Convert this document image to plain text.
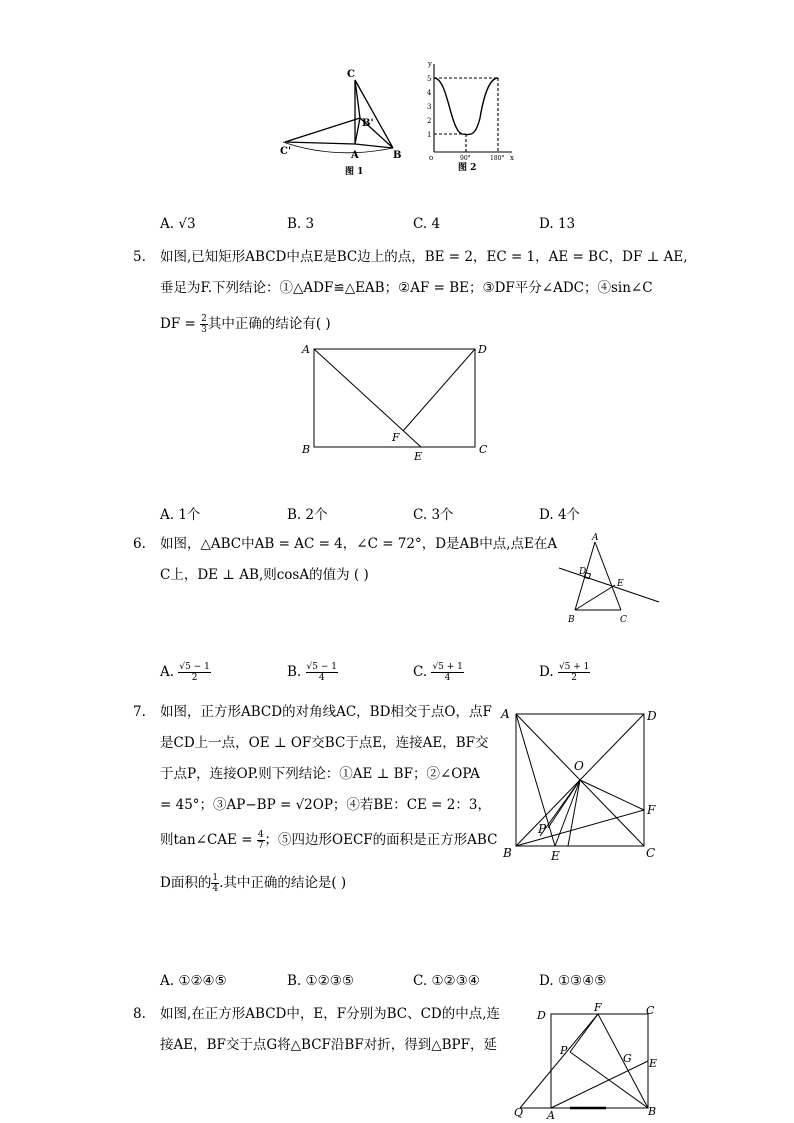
C
C'
B'
A	B
图 1
y
5
4
3
2
1
o	90°	180° x
图 2
A. √3	B. 3	C. 4	D. 13
5. 如图,已知矩形ABCD中点E是BC边上的点，BE = 2，EC = 1，AE = BC，DF ⊥ AE,
垂足为F.下列结论：①△ADF≌△EAB；②AF = BE；③DF平分∠ADC；④sin∠C
DF = $\frac{2}{3}$ 其中正确的结论有( )
A	D
B	C
F
E
A. 1个	B. 2个	C. 3个	D. 4个
6. 如图，△ABC中AB = AC = 4，∠C = 72°，D是AB中点,点E在A
C上，DE ⊥ AB,则cosA的值为 ( )
A
D
E
B	C
A. $\frac{√5 - 1}{2}$	B. $\frac{√5 - 1}{4}$	C. $\frac{√5 + 1}{4}$	D. $\frac{√5 + 1}{2}$
7. 如图，正方形ABCD的对角线AC，BD相交于点O，点F
是CD上一点，OE ⊥ OF交BC于点E，连接AE，BF交
于点P，连接OP.则下列结论：①AE ⊥ BF；②∠OPA
= 45°；③AP−BP = √2OP；④若BE：CE = 2：3，
则tan∠CAE = $\frac{4}{7}$ ；⑤四边形OECF的面积是正方形ABC
D面积的 $\frac{1}{4}$ .其中正确的结论是( )
A	D
O
F
P
B	E	C
A. ①②④⑤	B. ①②③⑤	C. ①②③④	D. ①③④⑤
8. 如图,在正方形ABCD中，E，F分别为BC、CD的中点,连
接AE，BF交于点G将△BCF沿BF对折，得到△BPF，延
D
F	C
P
G E
Q A	B
